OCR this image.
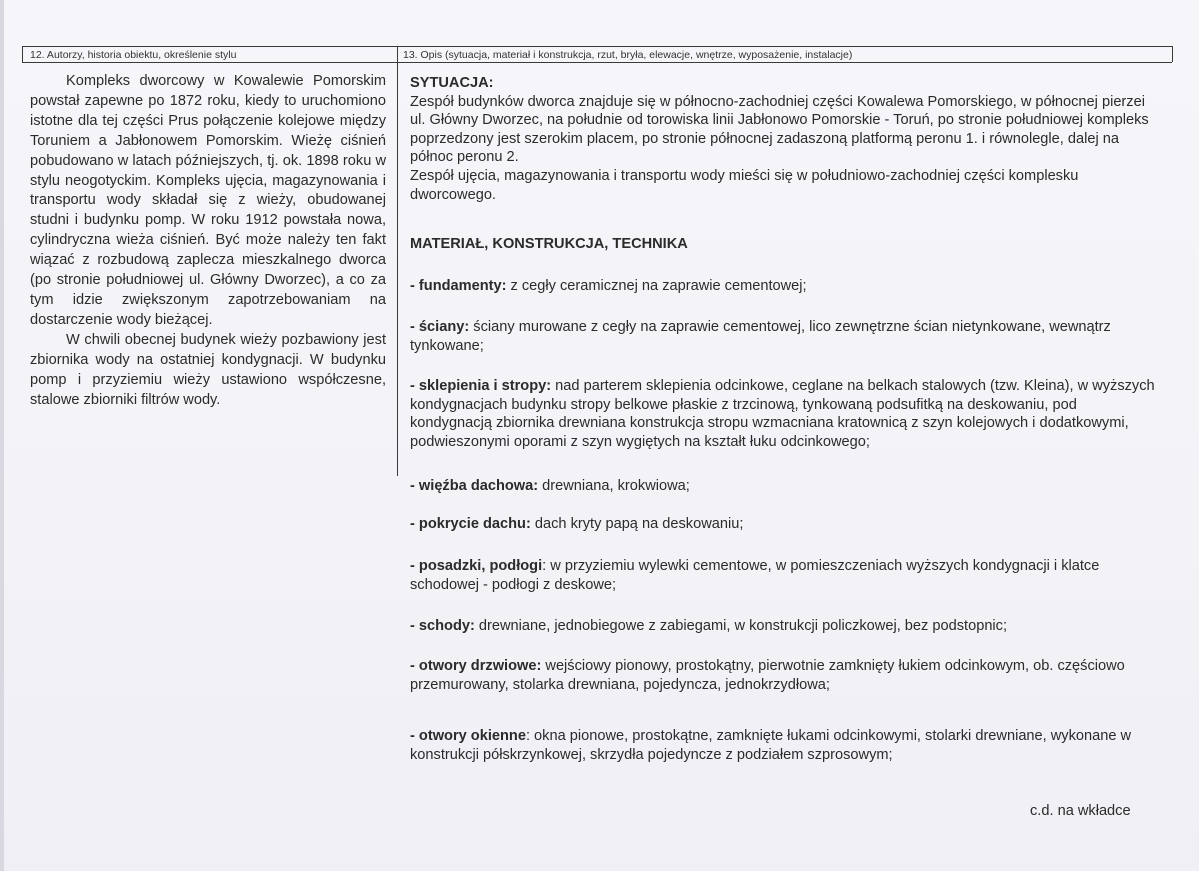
12. Autorzy, historia obiektu, określenie stylu	13. Opis (sytuacja, materiał i konstrukcja, rzut, bryła, elewacje, wnętrze, wyposażenie, instalacje)

Kompleks dworcowy w Kowalewie Pomorskim powstał zapewne po 1872 roku, kiedy to uruchomiono istotne dla tej części Prus połączenie kolejowe między Toruniem a Jabłonowem Pomorskim. Wieżę ciśnień pobudowano w latach późniejszych, tj. ok. 1898 roku w stylu neogotyckim. Kompleks ujęcia, magazynowania i transportu wody składał się z wieży, obudowanej studni i budynku pomp. W roku 1912 powstała nowa, cylindryczna wieża ciśnień. Być może należy ten fakt wiązać z rozbudową zaplecza mieszkalnego dworca (po stronie południowej ul. Główny Dworzec), a co za tym idzie zwiększonym zapotrzebowaniam na dostarczenie wody bieżącej.

W chwili obecnej budynek wieży pozbawiony jest zbiornika wody na ostatniej kondygnacji. W budynku pomp i przyziemiu wieży ustawiono współczesne, stalowe zbiorniki filtrów wody.

SYTUACJA:

Zespół budynków dworca znajduje się w północno-zachodniej części Kowalewa Pomorskiego, w północnej pierzei ul. Główny Dworzec, na południe od torowiska linii Jabłonowo Pomorskie - Toruń, po stronie południowej kompleks poprzedzony jest szerokim placem, po stronie północnej zadaszoną platformą peronu 1. i równolegle, dalej na północ peronu 2.

Zespół ujęcia, magazynowania i transportu wody mieści się w południowo-zachodniej części komplesku dworcowego.

MATERIAŁ, KONSTRUKCJA, TECHNIKA
- fundamenty: z cegły ceramicznej na zaprawie cementowej;
- ściany: ściany murowane z cegły na zaprawie cementowej, lico zewnętrzne ścian nietynkowane, wewnątrz tynkowane;
- sklepienia i stropy: nad parterem sklepienia odcinkowe, ceglane na belkach stalowych (tzw. Kleina), w wyższych kondygnacjach budynku stropy belkowe płaskie z trzcinową, tynkowaną podsufitką na deskowaniu, pod kondygnacją zbiornika drewniana konstrukcja stropu wzmacniana kratownicą z szyn kolejowych i dodatkowymi, podwieszonymi oporami z szyn wygiętych na kształt łuku odcinkowego;
- więźba dachowa: drewniana, krokwiowa;
- pokrycie dachu: dach kryty papą na deskowaniu;
- posadzki, podłogi: w przyziemiu wylewki cementowe, w pomieszczeniach wyższych kondygnacji i klatce schodowej - podłogi z deskowe;
- schody: drewniane, jednobiegowe z zabiegami, w konstrukcji policzkowej, bez podstopnic;
- otwory drzwiowe: wejściowy pionowy, prostokątny, pierwotnie zamknięty łukiem odcinkowym, ob. częściowo przemurowany, stolarka drewniana, pojedyncza, jednokrzydłowa;
- otwory okienne: okna pionowe, prostokątne, zamknięte łukami odcinkowymi, stolarki drewniane, wykonane w konstrukcji półskrzynkowej, skrzydła pojedyncze z podziałem szprosowym;
c.d. na wkładce
